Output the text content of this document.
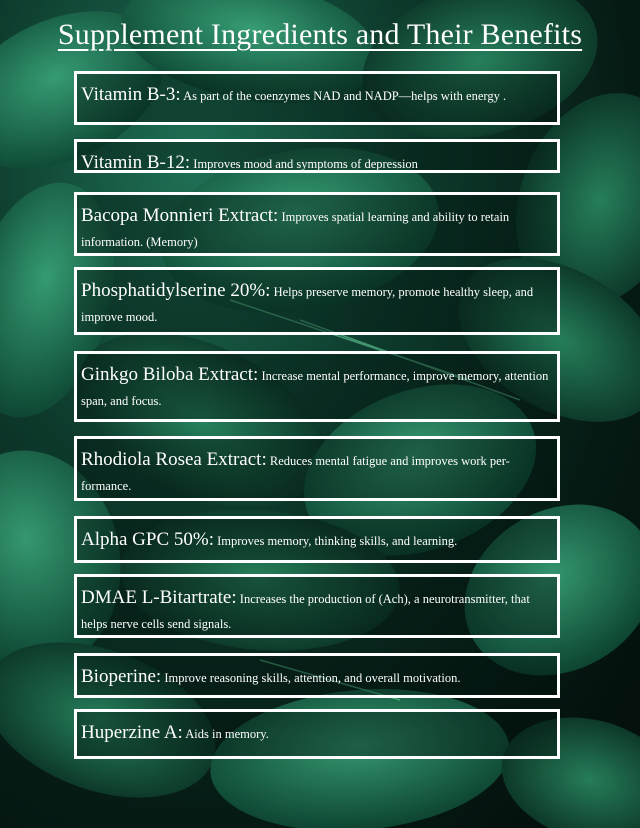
Supplement Ingredients and Their Benefits
Vitamin B-3: As part of the coenzymes NAD and NADP—helps with energy .
Vitamin B-12: Improves mood and symptoms of depression
Bacopa Monnieri Extract: Improves spatial learning and ability to retain information. (Memory)
Phosphatidylserine 20%: Helps preserve memory, promote healthy sleep, and improve mood.
Ginkgo Biloba Extract: Increase mental performance, improve memory, attention span, and focus.
Rhodiola Rosea Extract: Reduces mental fatigue and improves work per-formance.
Alpha GPC 50%: Improves memory, thinking skills, and learning.
DMAE L-Bitartrate: Increases the production of (Ach), a neurotransmitter, that helps nerve cells send signals.
Bioperine: Improve reasoning skills, attention, and overall motivation.
Huperzine A: Aids in memory.
